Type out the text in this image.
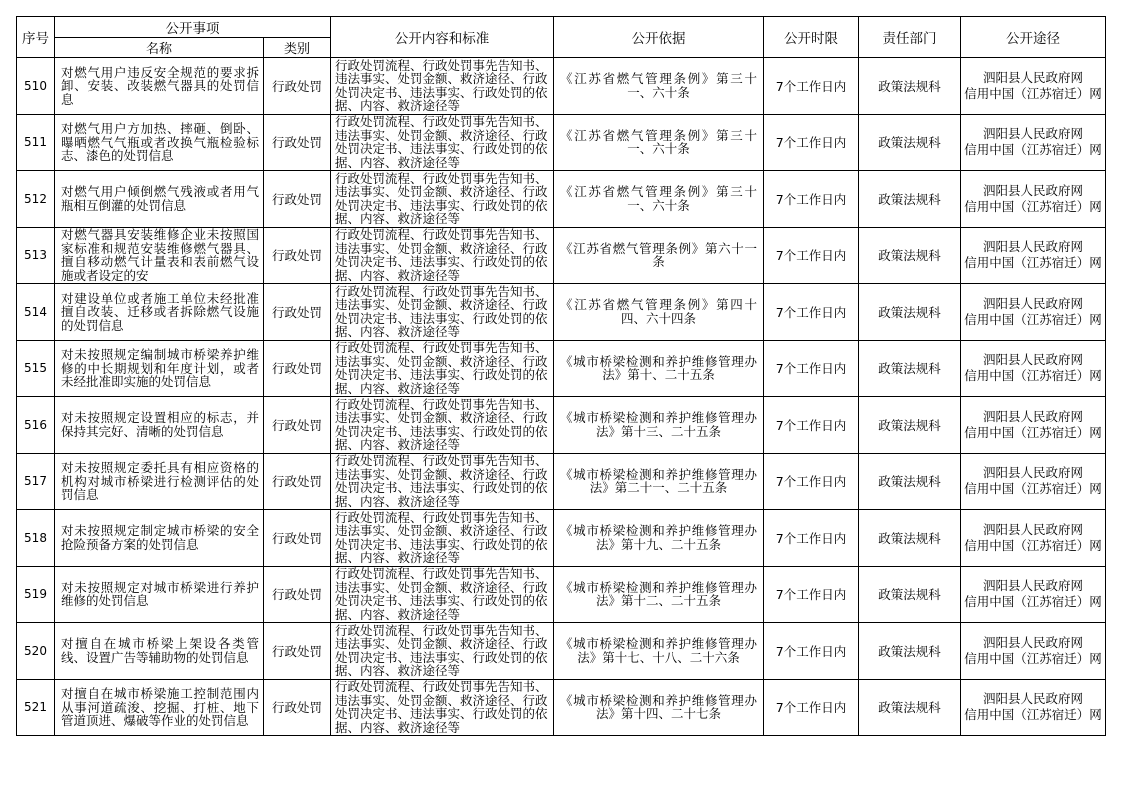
序号	公开事项		公开内容和标准	公开依据	公开时限	责任部门	公开途径
	名称	类别					
510	对燃气用户违反安全规范的要求拆卸、安装、改装燃气器具的处罚信息	行政处罚	行政处罚流程、行政处罚事先告知书、违法事实、处罚金额、救济途径、行政处罚决定书、违法事实、行政处罚的依据、内容、救济途径等	《江苏省燃气管理条例》第三十一、六十条	7个工作日内	政策法规科	泗阳县人民政府网
信用中国（江苏宿迁）网

511	对燃气用户方加热、摔砸、倒卧、曝晒燃气气瓶或者改换气瓶检验标志、漆色的处罚信息	行政处罚	行政处罚流程、行政处罚事先告知书、违法事实、处罚金额、救济途径、行政处罚决定书、违法事实、行政处罚的依据、内容、救济途径等	《江苏省燃气管理条例》第三十一、六十条	7个工作日内	政策法规科	泗阳县人民政府网
信用中国（江苏宿迁）网

512	对燃气用户倾倒燃气残液或者用气瓶相互倒灌的处罚信息	行政处罚	行政处罚流程、行政处罚事先告知书、违法事实、处罚金额、救济途径、行政处罚决定书、违法事实、行政处罚的依据、内容、救济途径等	《江苏省燃气管理条例》第三十一、六十条	7个工作日内	政策法规科	泗阳县人民政府网
信用中国（江苏宿迁）网

513	对燃气器具安装维修企业未按照国家标准和规范安装维修燃气器具、擅自移动燃气计量表和表前燃气设施或者设定的安	行政处罚	行政处罚流程、行政处罚事先告知书、违法事实、处罚金额、救济途径、行政处罚决定书、违法事实、行政处罚的依据、内容、救济途径等	《江苏省燃气管理条例》第六十一条	7个工作日内	政策法规科	泗阳县人民政府网
信用中国（江苏宿迁）网

514	对建设单位或者施工单位未经批准擅自改装、迁移或者拆除燃气设施的处罚信息	行政处罚	行政处罚流程、行政处罚事先告知书、违法事实、处罚金额、救济途径、行政处罚决定书、违法事实、行政处罚的依据、内容、救济途径等	《江苏省燃气管理条例》第四十四、六十四条	7个工作日内	政策法规科	泗阳县人民政府网
信用中国（江苏宿迁）网

515	对未按照规定编制城市桥梁养护维修的中长期规划和年度计划，或者未经批准即实施的处罚信息	行政处罚	行政处罚流程、行政处罚事先告知书、违法事实、处罚金额、救济途径、行政处罚决定书、违法事实、行政处罚的依据、内容、救济途径等	《城市桥梁检测和养护维修管理办法》第十、二十五条	7个工作日内	政策法规科	泗阳县人民政府网
信用中国（江苏宿迁）网

516	对未按照规定设置相应的标志，并保持其完好、清晰的处罚信息	行政处罚	行政处罚流程、行政处罚事先告知书、违法事实、处罚金额、救济途径、行政处罚决定书、违法事实、行政处罚的依据、内容、救济途径等	《城市桥梁检测和养护维修管理办法》第十三、二十五条	7个工作日内	政策法规科	泗阳县人民政府网
信用中国（江苏宿迁）网

517	对未按照规定委托具有相应资格的机构对城市桥梁进行检测评估的处罚信息	行政处罚	行政处罚流程、行政处罚事先告知书、违法事实、处罚金额、救济途径、行政处罚决定书、违法事实、行政处罚的依据、内容、救济途径等	《城市桥梁检测和养护维修管理办法》第二十一、二十五条	7个工作日内	政策法规科	泗阳县人民政府网
信用中国（江苏宿迁）网

518	对未按照规定制定城市桥梁的安全抢险预备方案的处罚信息	行政处罚	行政处罚流程、行政处罚事先告知书、违法事实、处罚金额、救济途径、行政处罚决定书、违法事实、行政处罚的依据、内容、救济途径等	《城市桥梁检测和养护维修管理办法》第十九、二十五条	7个工作日内	政策法规科	泗阳县人民政府网
信用中国（江苏宿迁）网

519	对未按照规定对城市桥梁进行养护维修的处罚信息	行政处罚	行政处罚流程、行政处罚事先告知书、违法事实、处罚金额、救济途径、行政处罚决定书、违法事实、行政处罚的依据、内容、救济途径等	《城市桥梁检测和养护维修管理办法》第十二、二十五条	7个工作日内	政策法规科	泗阳县人民政府网
信用中国（江苏宿迁）网

520	对擅自在城市桥梁上架设各类管线、设置广告等辅助物的处罚信息	行政处罚	行政处罚流程、行政处罚事先告知书、违法事实、处罚金额、救济途径、行政处罚决定书、违法事实、行政处罚的依据、内容、救济途径等	《城市桥梁检测和养护维修管理办法》第十七、十八、二十六条	7个工作日内	政策法规科	泗阳县人民政府网
信用中国（江苏宿迁）网

521	对擅自在城市桥梁施工控制范围内从事河道疏浚、挖掘、打桩、地下管道顶进、爆破等作业的处罚信息	行政处罚	行政处罚流程、行政处罚事先告知书、违法事实、处罚金额、救济途径、行政处罚决定书、违法事实、行政处罚的依据、内容、救济途径等	《城市桥梁检测和养护维修管理办法》第十四、二十七条	7个工作日内	政策法规科	泗阳县人民政府网
信用中国（江苏宿迁）网
